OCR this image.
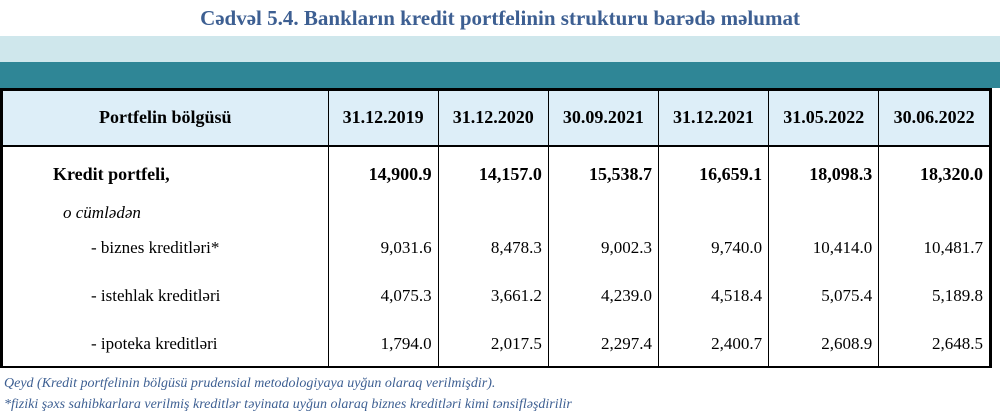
Cədvəl 5.4. Bankların kredit portfelinin strukturu barədə məlumat
Portfelin bölgüsü	31.12.2019	31.12.2020	30.09.2021	31.12.2021	31.05.2022	30.06.2022
Kredit portfeli,	14,900.9	14,157.0	15,538.7	16,659.1	18,098.3	18,320.0
o cümlədən						
- biznes kreditləri*	9,031.6	8,478.3	9,002.3	9,740.0	10,414.0	10,481.7
- istehlak kreditləri	4,075.3	3,661.2	4,239.0	4,518.4	5,075.4	5,189.8
- ipoteka kreditləri	1,794.0	2,017.5	2,297.4	2,400.7	2,608.9	2,648.5
Qeyd (Kredit portfelinin bölgüsü prudensial metodologiyaya uyğun olaraq verilmişdir).
*fiziki şəxs sahibkarlara verilmiş kreditlər təyinata uyğun olaraq biznes kreditləri kimi tənsifləşdirilir
